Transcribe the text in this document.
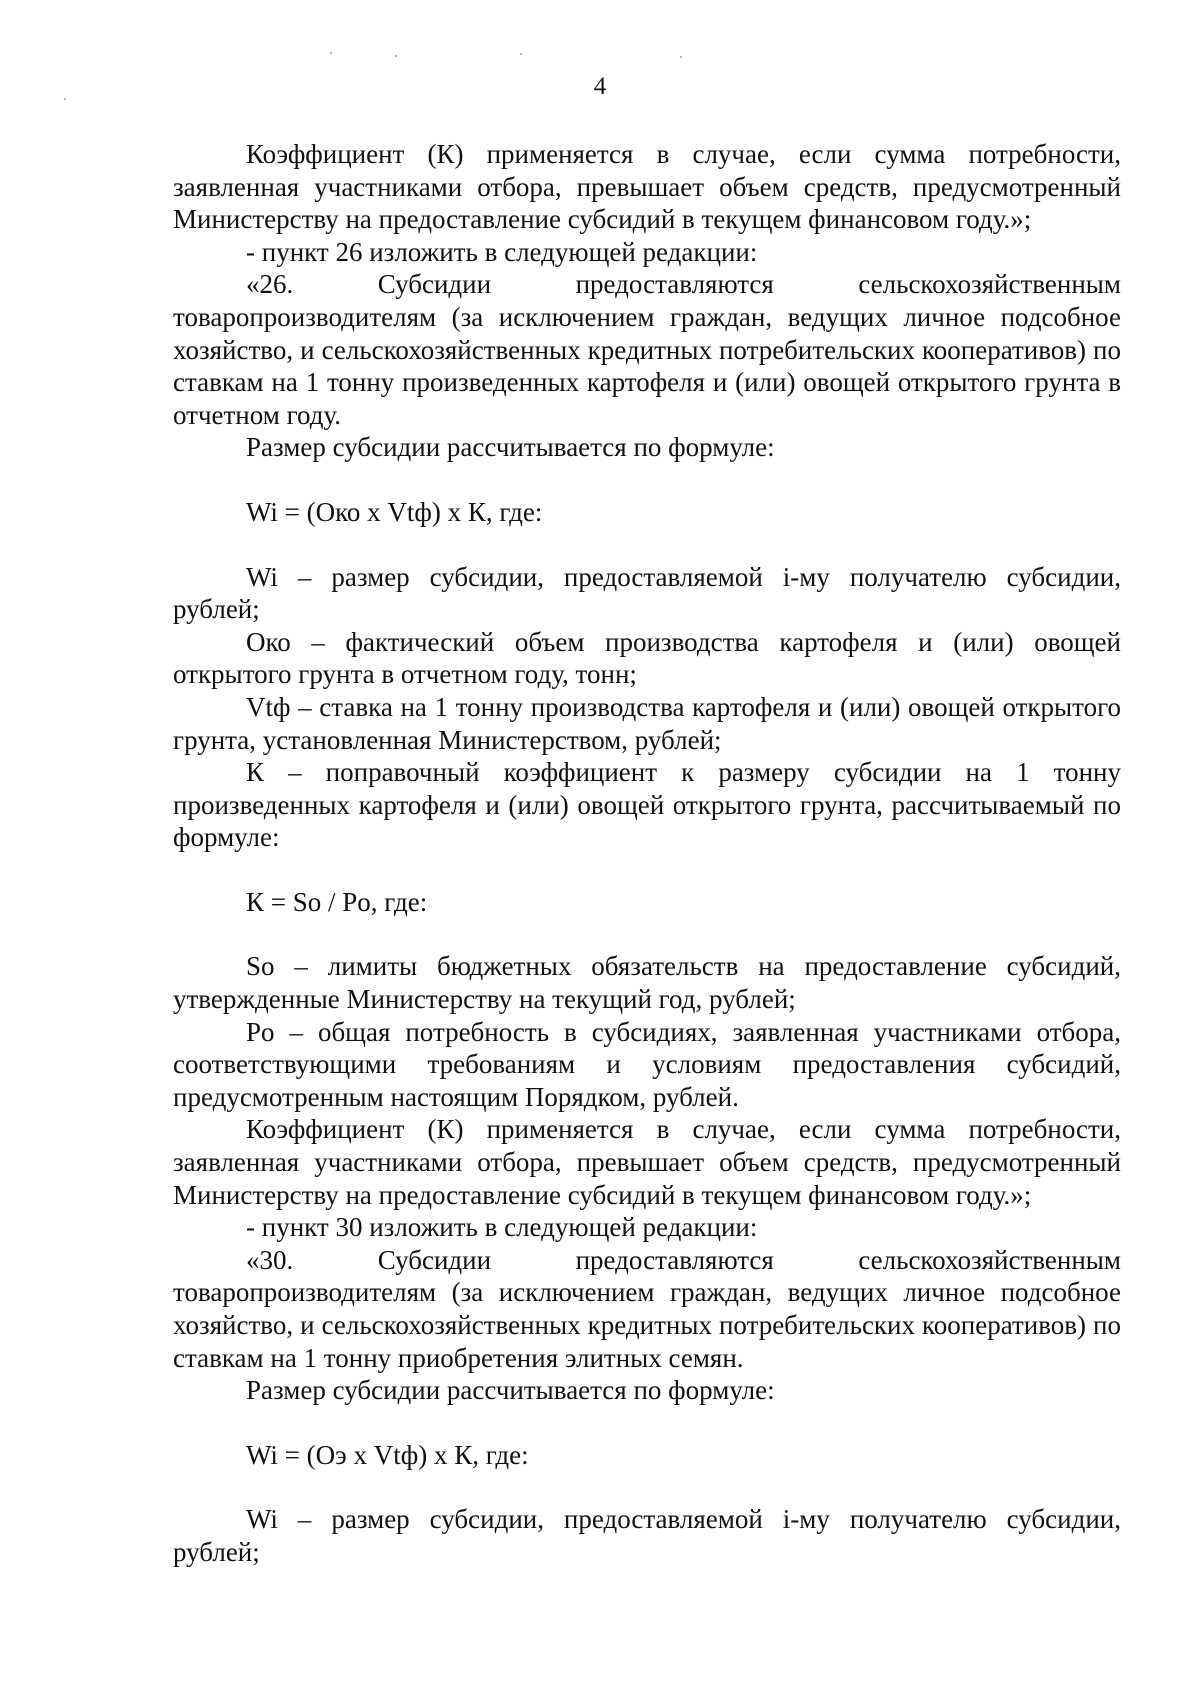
4

Коэффициент (К) применяется в случае, если сумма потребности, заявленная участниками отбора, превышает объем средств, предусмотренный Министерству на предоставление субсидий в текущем финансовом году.»;

- пункт 26 изложить в следующей редакции:

«26. Субсидии предоставляются сельскохозяйственным товаропроизводителям (за исключением граждан, ведущих личное подсобное хозяйство, и сельскохозяйственных кредитных потребительских кооперативов) по ставкам на 1 тонну произведенных картофеля и (или) овощей открытого грунта в отчетном году.

Размер субсидии рассчитывается по формуле:

Wi = (Око х Vtф) х К, где:

Wi – размер субсидии, предоставляемой i-му получателю субсидии, рублей;

Око – фактический объем производства картофеля и (или) овощей открытого грунта в отчетном году, тонн;

Vtф – ставка на 1 тонну производства картофеля и (или) овощей открытого грунта, установленная Министерством, рублей;

К – поправочный коэффициент к размеру субсидии на 1 тонну произведенных картофеля и (или) овощей открытого грунта, рассчитываемый по формуле:

К = So / Po, где:

So – лимиты бюджетных обязательств на предоставление субсидий, утвержденные Министерству на текущий год, рублей;

Po – общая потребность в субсидиях, заявленная участниками отбора, соответствующими требованиям и условиям предоставления субсидий, предусмотренным настоящим Порядком, рублей.

Коэффициент (К) применяется в случае, если сумма потребности, заявленная участниками отбора, превышает объем средств, предусмотренный Министерству на предоставление субсидий в текущем финансовом году.»;

- пункт 30 изложить в следующей редакции:

«30. Субсидии предоставляются сельскохозяйственным товаропроизводителям (за исключением граждан, ведущих личное подсобное хозяйство, и сельскохозяйственных кредитных потребительских кооперативов) по ставкам на 1 тонну приобретения элитных семян.

Размер субсидии рассчитывается по формуле:

Wi = (Оэ х Vtф) х К, где:

Wi – размер субсидии, предоставляемой i-му получателю субсидии, рублей;
